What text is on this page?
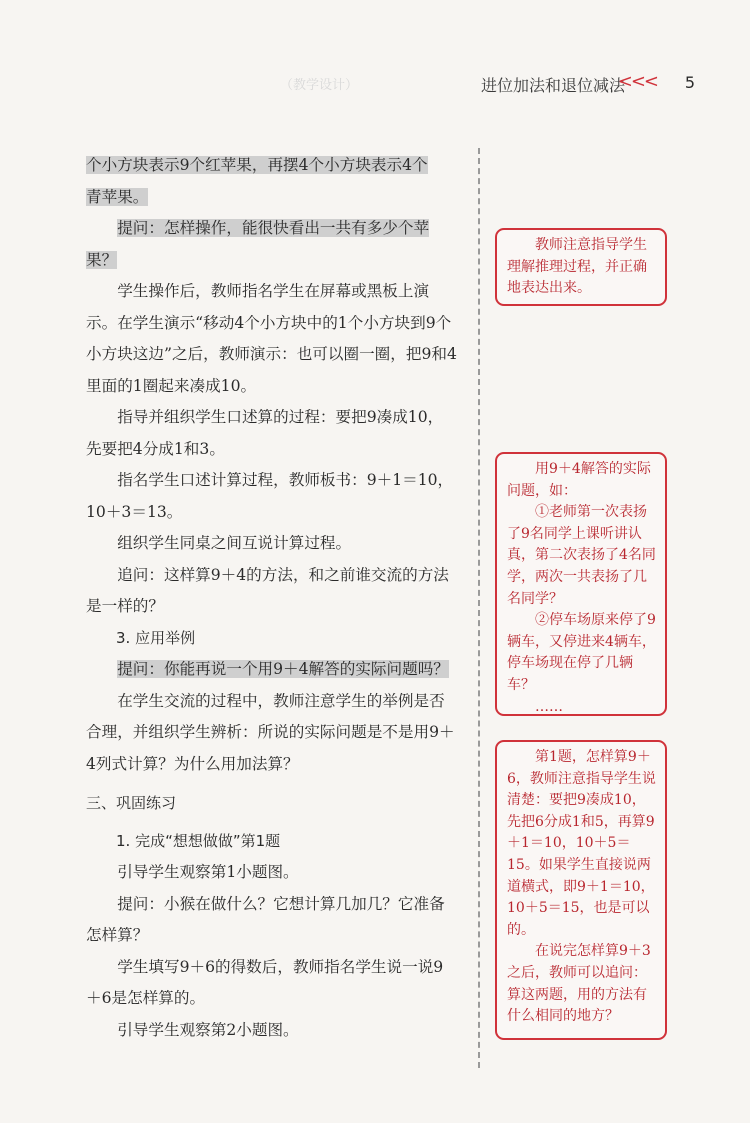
（教学设计）	进位加法和退位减法
<<< 5

个小方块表示9个红苹果，再摆4个小方块表示4个

青苹果。

提问：怎样操作，能很快看出一共有多少个苹果？

学生操作后，教师指名学生在屏幕或黑板上演示。在学生演示“移动4个小方块中的1个小方块到9个小方块这边”之后，教师演示：也可以圈一圈，把9和4里面的1圈起来凑成10。

指导并组织学生口述算的过程：要把9凑成10，先要把4分成1和3。

指名学生口述计算过程，教师板书：9＋1＝10，10＋3＝13。

组织学生同桌之间互说计算过程。

追问：这样算9＋4的方法，和之前谁交流的方法是一样的？

3. 应用举例

提问：你能再说一个用9＋4解答的实际问题吗？

在学生交流的过程中，教师注意学生的举例是否合理，并组织学生辨析：所说的实际问题是不是用9＋4列式计算？为什么用加法算？

三、巩固练习

1. 完成“想想做做”第1题

引导学生观察第1小题图。

提问：小猴在做什么？它想计算几加几？它准备怎样算？

学生填写9＋6的得数后，教师指名学生说一说9＋6是怎样算的。

引导学生观察第2小题图。

教师注意指导学生理解推理过程，并正确地表达出来。

用9＋4解答的实际问题，如：

①老师第一次表扬了9名同学上课听讲认真，第二次表扬了4名同学，两次一共表扬了几名同学？

②停车场原来停了9辆车，又停进来4辆车，停车场现在停了几辆车？

……

第1题，怎样算9＋6，教师注意指导学生说清楚：要把9凑成10，先把6分成1和5，再算9＋1＝10，10＋5＝15。如果学生直接说两道横式，即9＋1＝10，10＋5＝15，也是可以的。

在说完怎样算9＋3之后，教师可以追问：算这两题，用的方法有什么相同的地方？
